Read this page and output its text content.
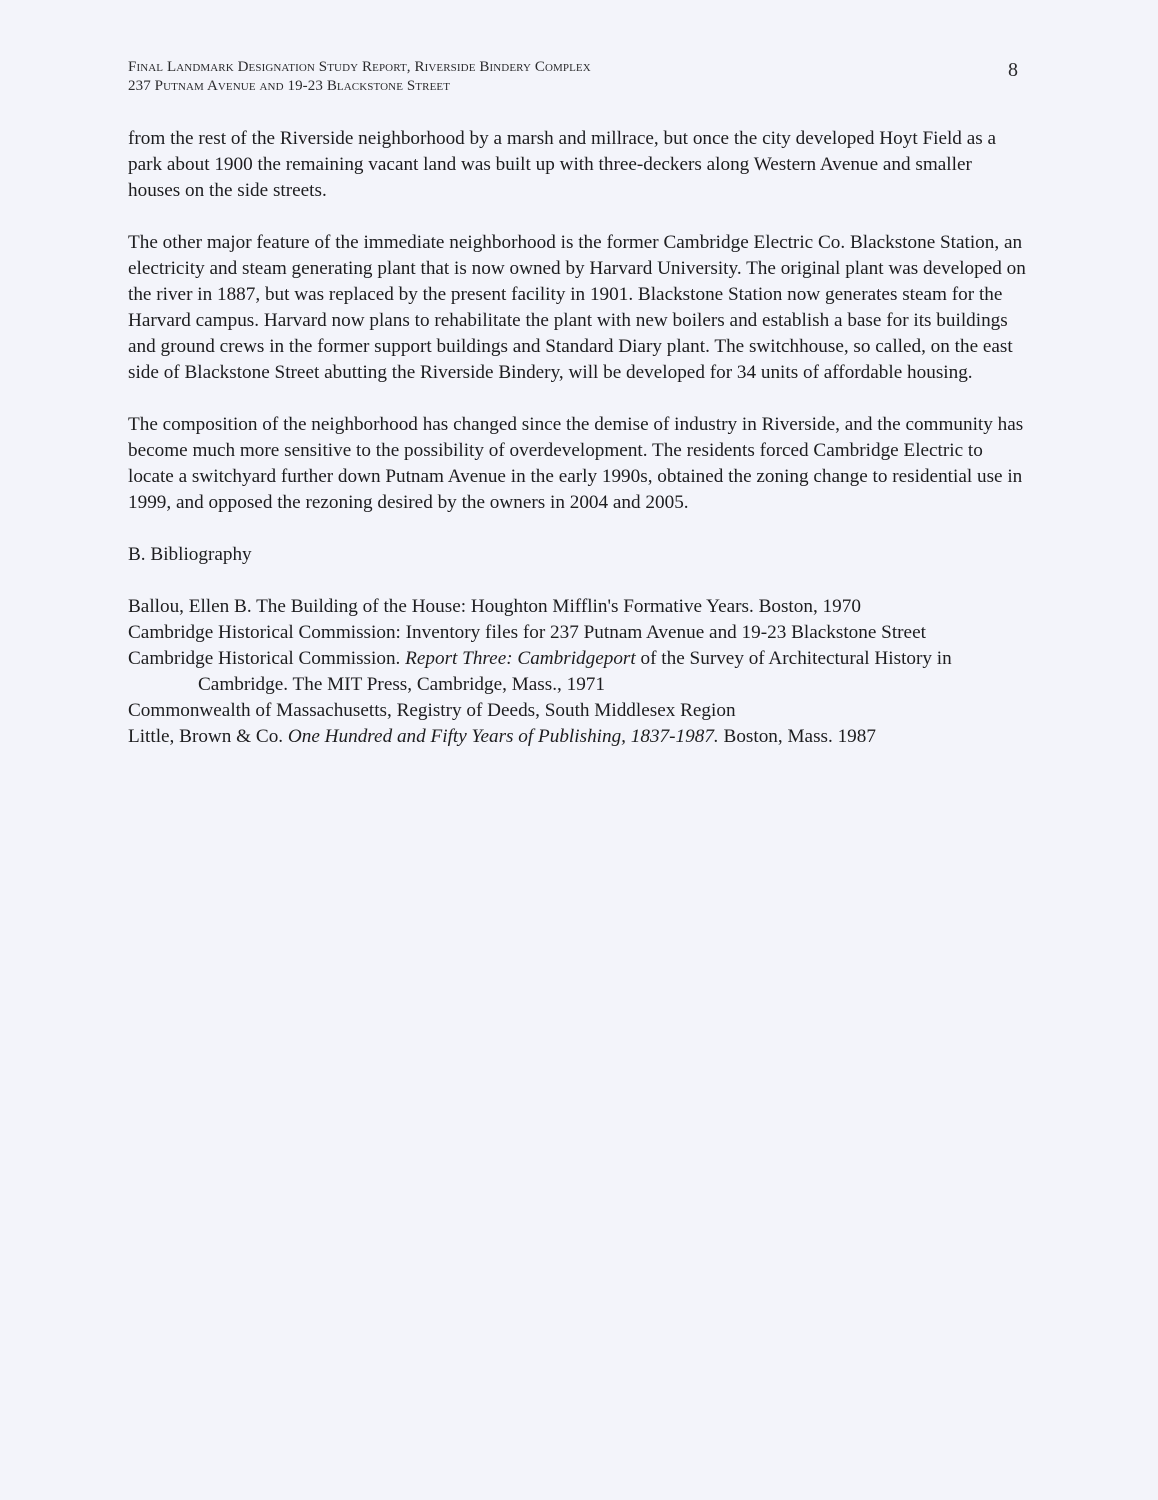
Final Landmark Designation Study Report, Riverside Bindery Complex
237 Putnam Avenue and 19-23 Blackstone Street
8

from the rest of the Riverside neighborhood by a marsh and millrace, but once the city developed Hoyt Field as a park about 1900 the remaining vacant land was built up with three-deckers along Western Avenue and smaller houses on the side streets.

The other major feature of the immediate neighborhood is the former Cambridge Electric Co. Blackstone Station, an electricity and steam generating plant that is now owned by Harvard University. The original plant was developed on the river in 1887, but was replaced by the present facility in 1901. Blackstone Station now generates steam for the Harvard campus. Harvard now plans to rehabilitate the plant with new boilers and establish a base for its buildings and ground crews in the former support buildings and Standard Diary plant. The switchhouse, so called, on the east side of Blackstone Street abutting the Riverside Bindery, will be developed for 34 units of affordable housing.

The composition of the neighborhood has changed since the demise of industry in Riverside, and the community has become much more sensitive to the possibility of overdevelopment. The residents forced Cambridge Electric to locate a switchyard further down Putnam Avenue in the early 1990s, obtained the zoning change to residential use in 1999, and opposed the rezoning desired by the owners in 2004 and 2005.

B. Bibliography

Ballou, Ellen B. The Building of the House: Houghton Mifflin's Formative Years. Boston, 1970

Cambridge Historical Commission: Inventory files for 237 Putnam Avenue and 19-23 Blackstone Street

Cambridge Historical Commission. Report Three: Cambridgeport of the Survey of Architectural History in Cambridge. The MIT Press, Cambridge, Mass., 1971

Commonwealth of Massachusetts, Registry of Deeds, South Middlesex Region

Little, Brown & Co. One Hundred and Fifty Years of Publishing, 1837-1987. Boston, Mass. 1987
